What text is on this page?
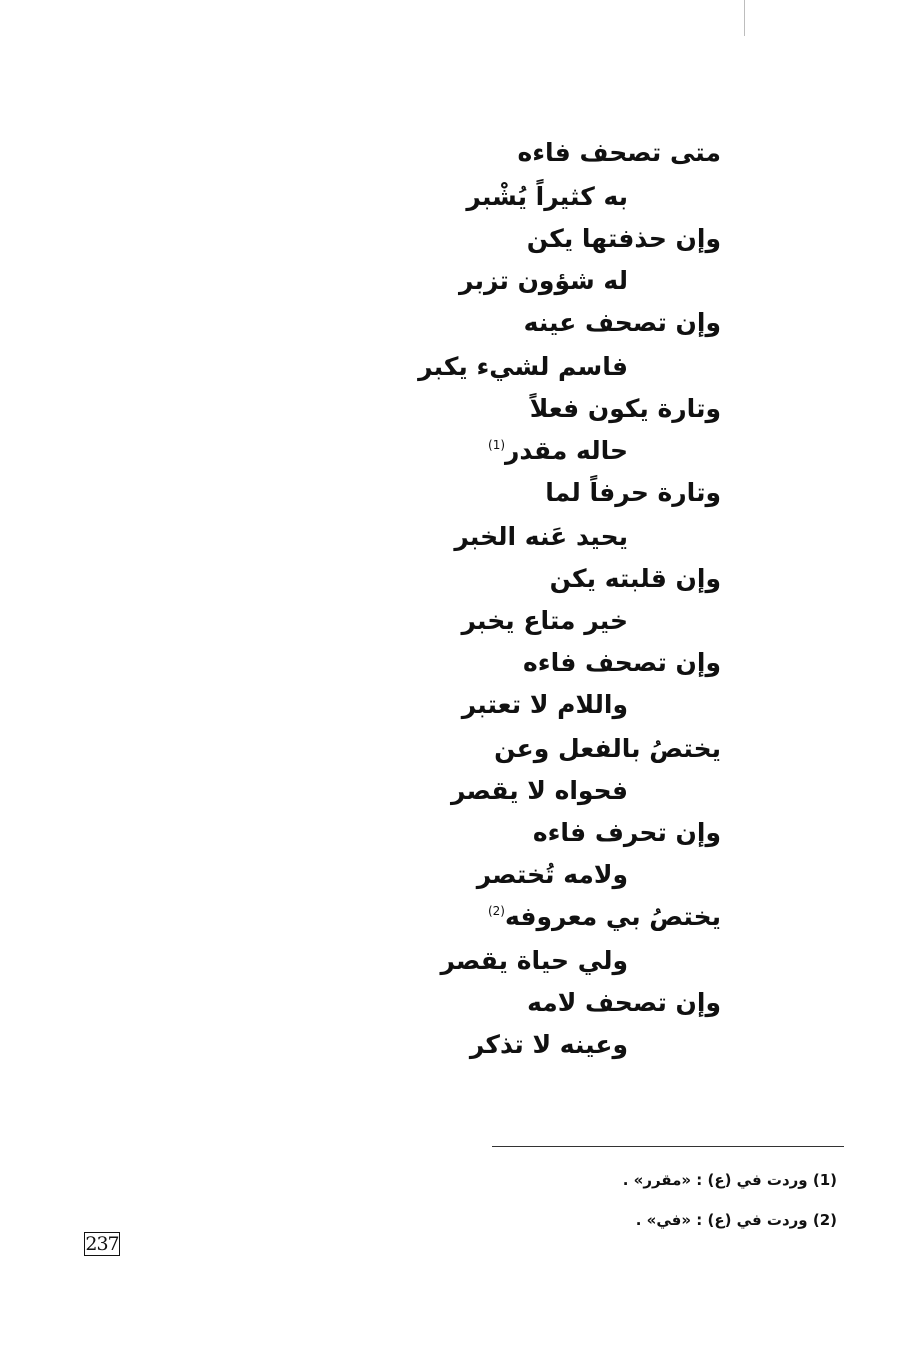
متى تصحف فاءه
به كثيراً يُشْبر
وإن حذفتها يكن
له شؤون تزبر
وإن تصحف عينه
فاسم لشيء يكبر
وتارة يكون فعلاً
حاله مقدر$^{(1)}$
وتارة حرفاً لما
يحيد عَنه الخبر
وإن قلبته يكن
خير متاع يخبر
وإن تصحف فاءه
واللام لا تعتبر
يختصُ بالفعل وعن
فحواه لا يقصر
وإن تحرف فاءه
ولامه تُختصر
يختصُ بي معروفه$^{(2)}$
ولي حياة يقصر
وإن تصحف لامه
وعينه لا تذكر
(1) وردت في (ع) : «مقرر» .
(2) وردت في (ع) : «في» .
237
